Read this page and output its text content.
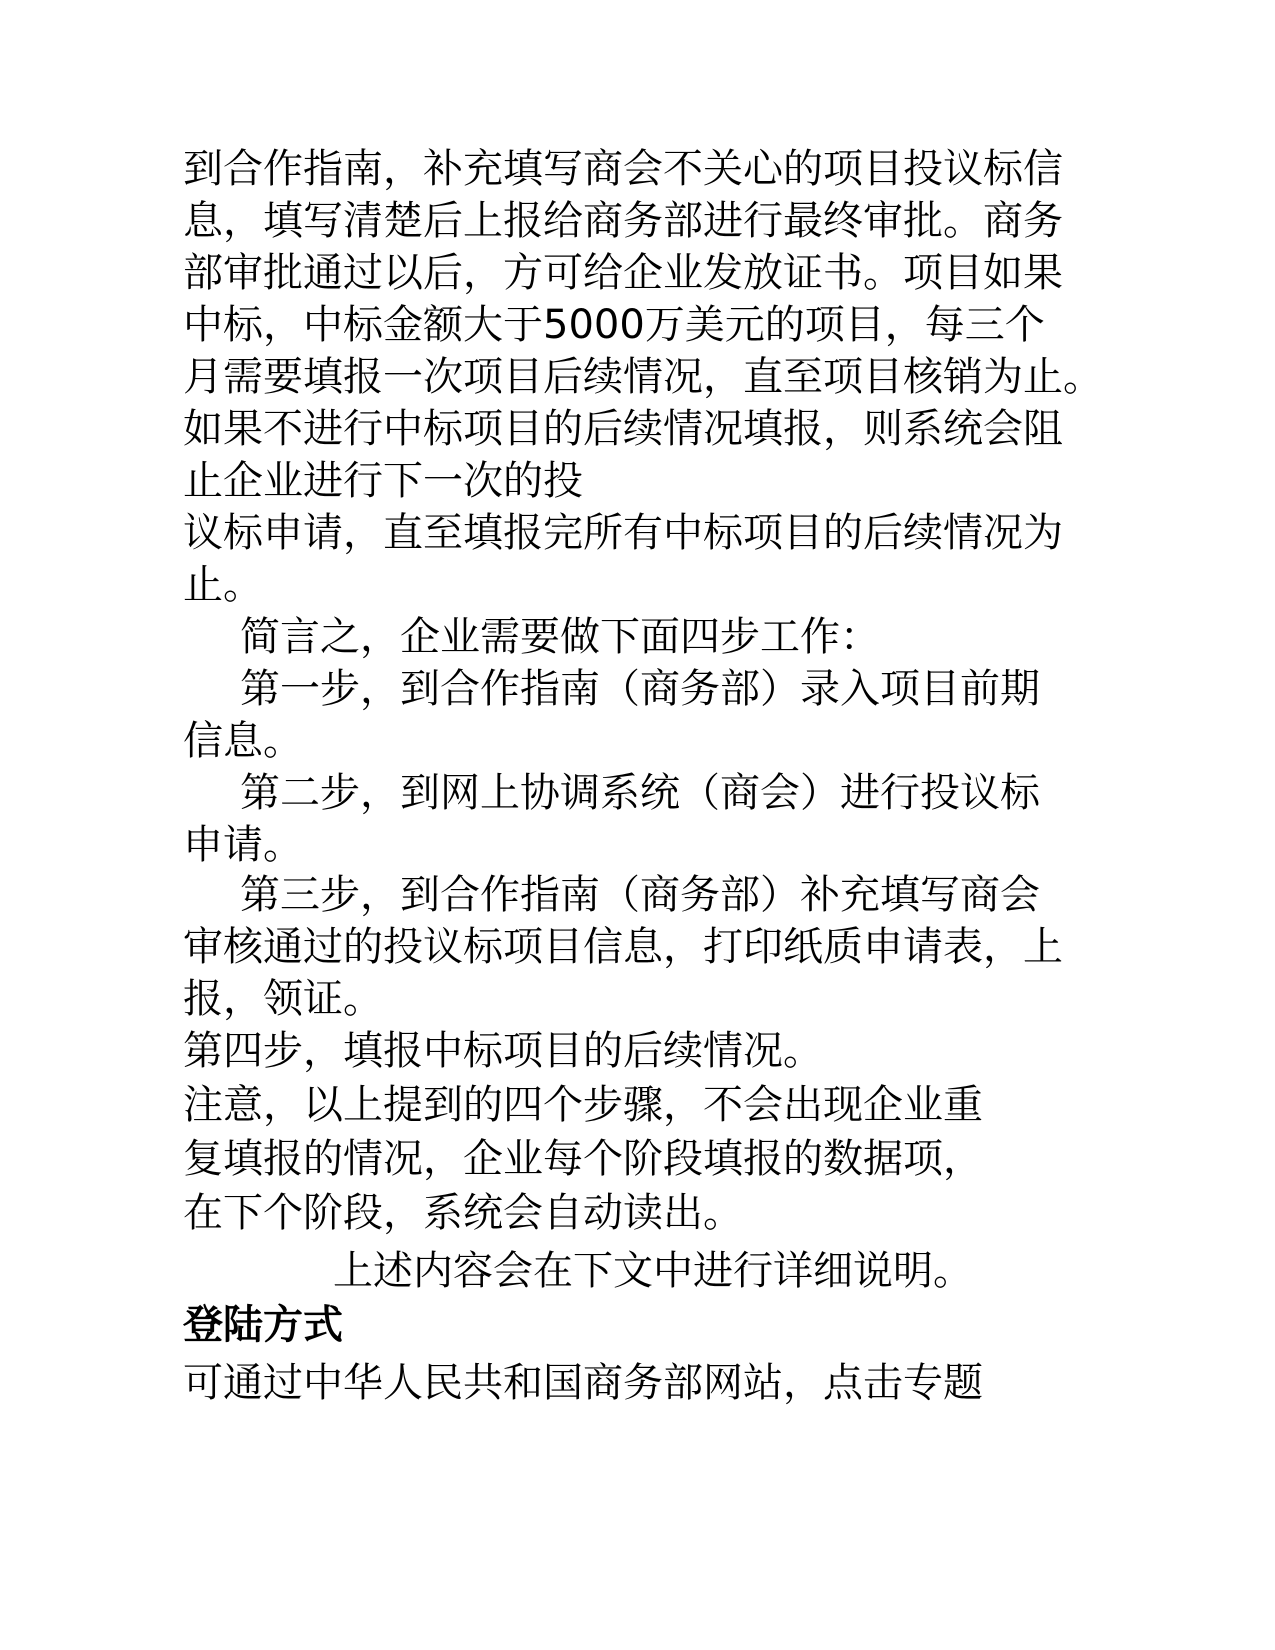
到合作指南，补充填写商会不关心的项目投议标信

息，填写清楚后上报给商务部进行最终审批。商务

部审批通过以后，方可给企业发放证书。项目如果

中标，中标金额大于5000万美元的项目，每三个

月需要填报一次项目后续情况，直至项目核销为止。

如果不进行中标项目的后续情况填报，则系统会阻

止企业进行下一次的投

议标申请，直至填报完所有中标项目的后续情况为

止。

简言之，企业需要做下面四步工作：

第一步，到合作指南（商务部）录入项目前期

信息。

第二步，到网上协调系统（商会）进行投议标

申请。

第三步，到合作指南（商务部）补充填写商会

审核通过的投议标项目信息，打印纸质申请表，上

报，领证。

第四步，填报中标项目的后续情况。

注意，以上提到的四个步骤，不会出现企业重

复填报的情况，企业每个阶段填报的数据项，

在下个阶段，系统会自动读出。

上述内容会在下文中进行详细说明。

登陆方式

可通过中华人民共和国商务部网站，点击专题
